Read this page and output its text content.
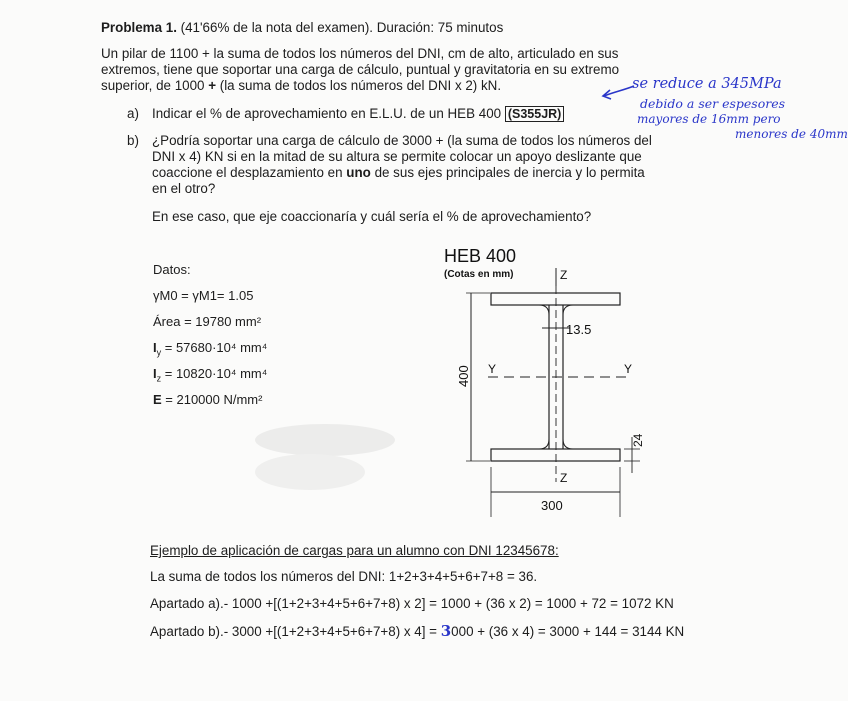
Problema 1. (41'66% de la nota del examen). Duración: 75 minutos
Un pilar de 1100 + la suma de todos los números del DNI, cm de alto, articulado en sus
extremos, tiene que soportar una carga de cálculo, puntual y gravitatoria en su extremo
superior, de 1000 + (la suma de todos los números del DNI x 2) kN.
a) Indicar el % de aprovechamiento en E.L.U. de un HEB 400 (S355JR)
se reduce a 345MPa
debido a ser espesores
mayores de 16mm pero
menores de 40mm
b) ¿Podría soportar una carga de cálculo de 3000 + (la suma de todos los números del
DNI x 4) KN si en la mitad de su altura se permite colocar un apoyo deslizante que
coaccione el desplazamiento en uno de sus ejes principales de inercia y lo permita
en el otro?
En ese caso, que eje coaccionaría y cuál sería el % de aprovechamiento?
Datos:
γM0 = γM1= 1.05
Área = 19780 mm²
$I_y = 57680\cdot 10^4$ mm⁴
$I_z = 10820\cdot 10^4$ mm⁴
E = 210000 N/mm²
HEB 400
(Cotas en mm)	Z
Y	Y
400
13.5
24
Z
300
Ejemplo de aplicación de cargas para un alumno con DNI 12345678:
La suma de todos los números del DNI: 1+2+3+4+5+6+7+8 = 36.
Apartado a).- 1000 +[(1+2+3+4+5+6+7+8) x 2] = 1000 + (36 x 2) = 1000 + 72 = 1072 KN
Apartado b).- 3000 +[(1+2+3+4+5+6+7+8) x 4] = 3000 + (36 x 4) = 3000 + 144 = 3144 KN
